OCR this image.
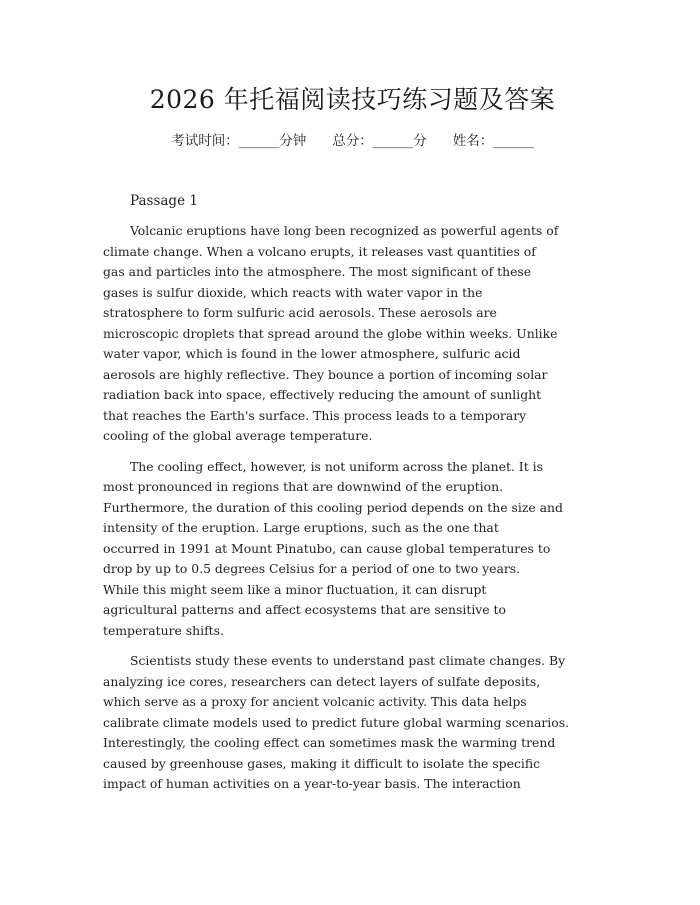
2026 年托福阅读技巧练习题及答案
考试时间：______分钟 总分：______分 姓名：______
Passage 1
Volcanic eruptions have long been recognized as powerful agents of
climate change. When a volcano erupts, it releases vast quantities of
gas and particles into the atmosphere. The most significant of these
gases is sulfur dioxide, which reacts with water vapor in the
stratosphere to form sulfuric acid aerosols. These aerosols are
microscopic droplets that spread around the globe within weeks. Unlike
water vapor, which is found in the lower atmosphere, sulfuric acid
aerosols are highly reflective. They bounce a portion of incoming solar
radiation back into space, effectively reducing the amount of sunlight
that reaches the Earth's surface. This process leads to a temporary
cooling of the global average temperature.
The cooling effect, however, is not uniform across the planet. It is
most pronounced in regions that are downwind of the eruption.
Furthermore, the duration of this cooling period depends on the size and
intensity of the eruption. Large eruptions, such as the one that
occurred in 1991 at Mount Pinatubo, can cause global temperatures to
drop by up to 0.5 degrees Celsius for a period of one to two years.
While this might seem like a minor fluctuation, it can disrupt
agricultural patterns and affect ecosystems that are sensitive to
temperature shifts.
Scientists study these events to understand past climate changes. By
analyzing ice cores, researchers can detect layers of sulfate deposits,
which serve as a proxy for ancient volcanic activity. This data helps
calibrate climate models used to predict future global warming scenarios.
Interestingly, the cooling effect can sometimes mask the warming trend
caused by greenhouse gases, making it difficult to isolate the specific
impact of human activities on a year-to-year basis. The interaction
